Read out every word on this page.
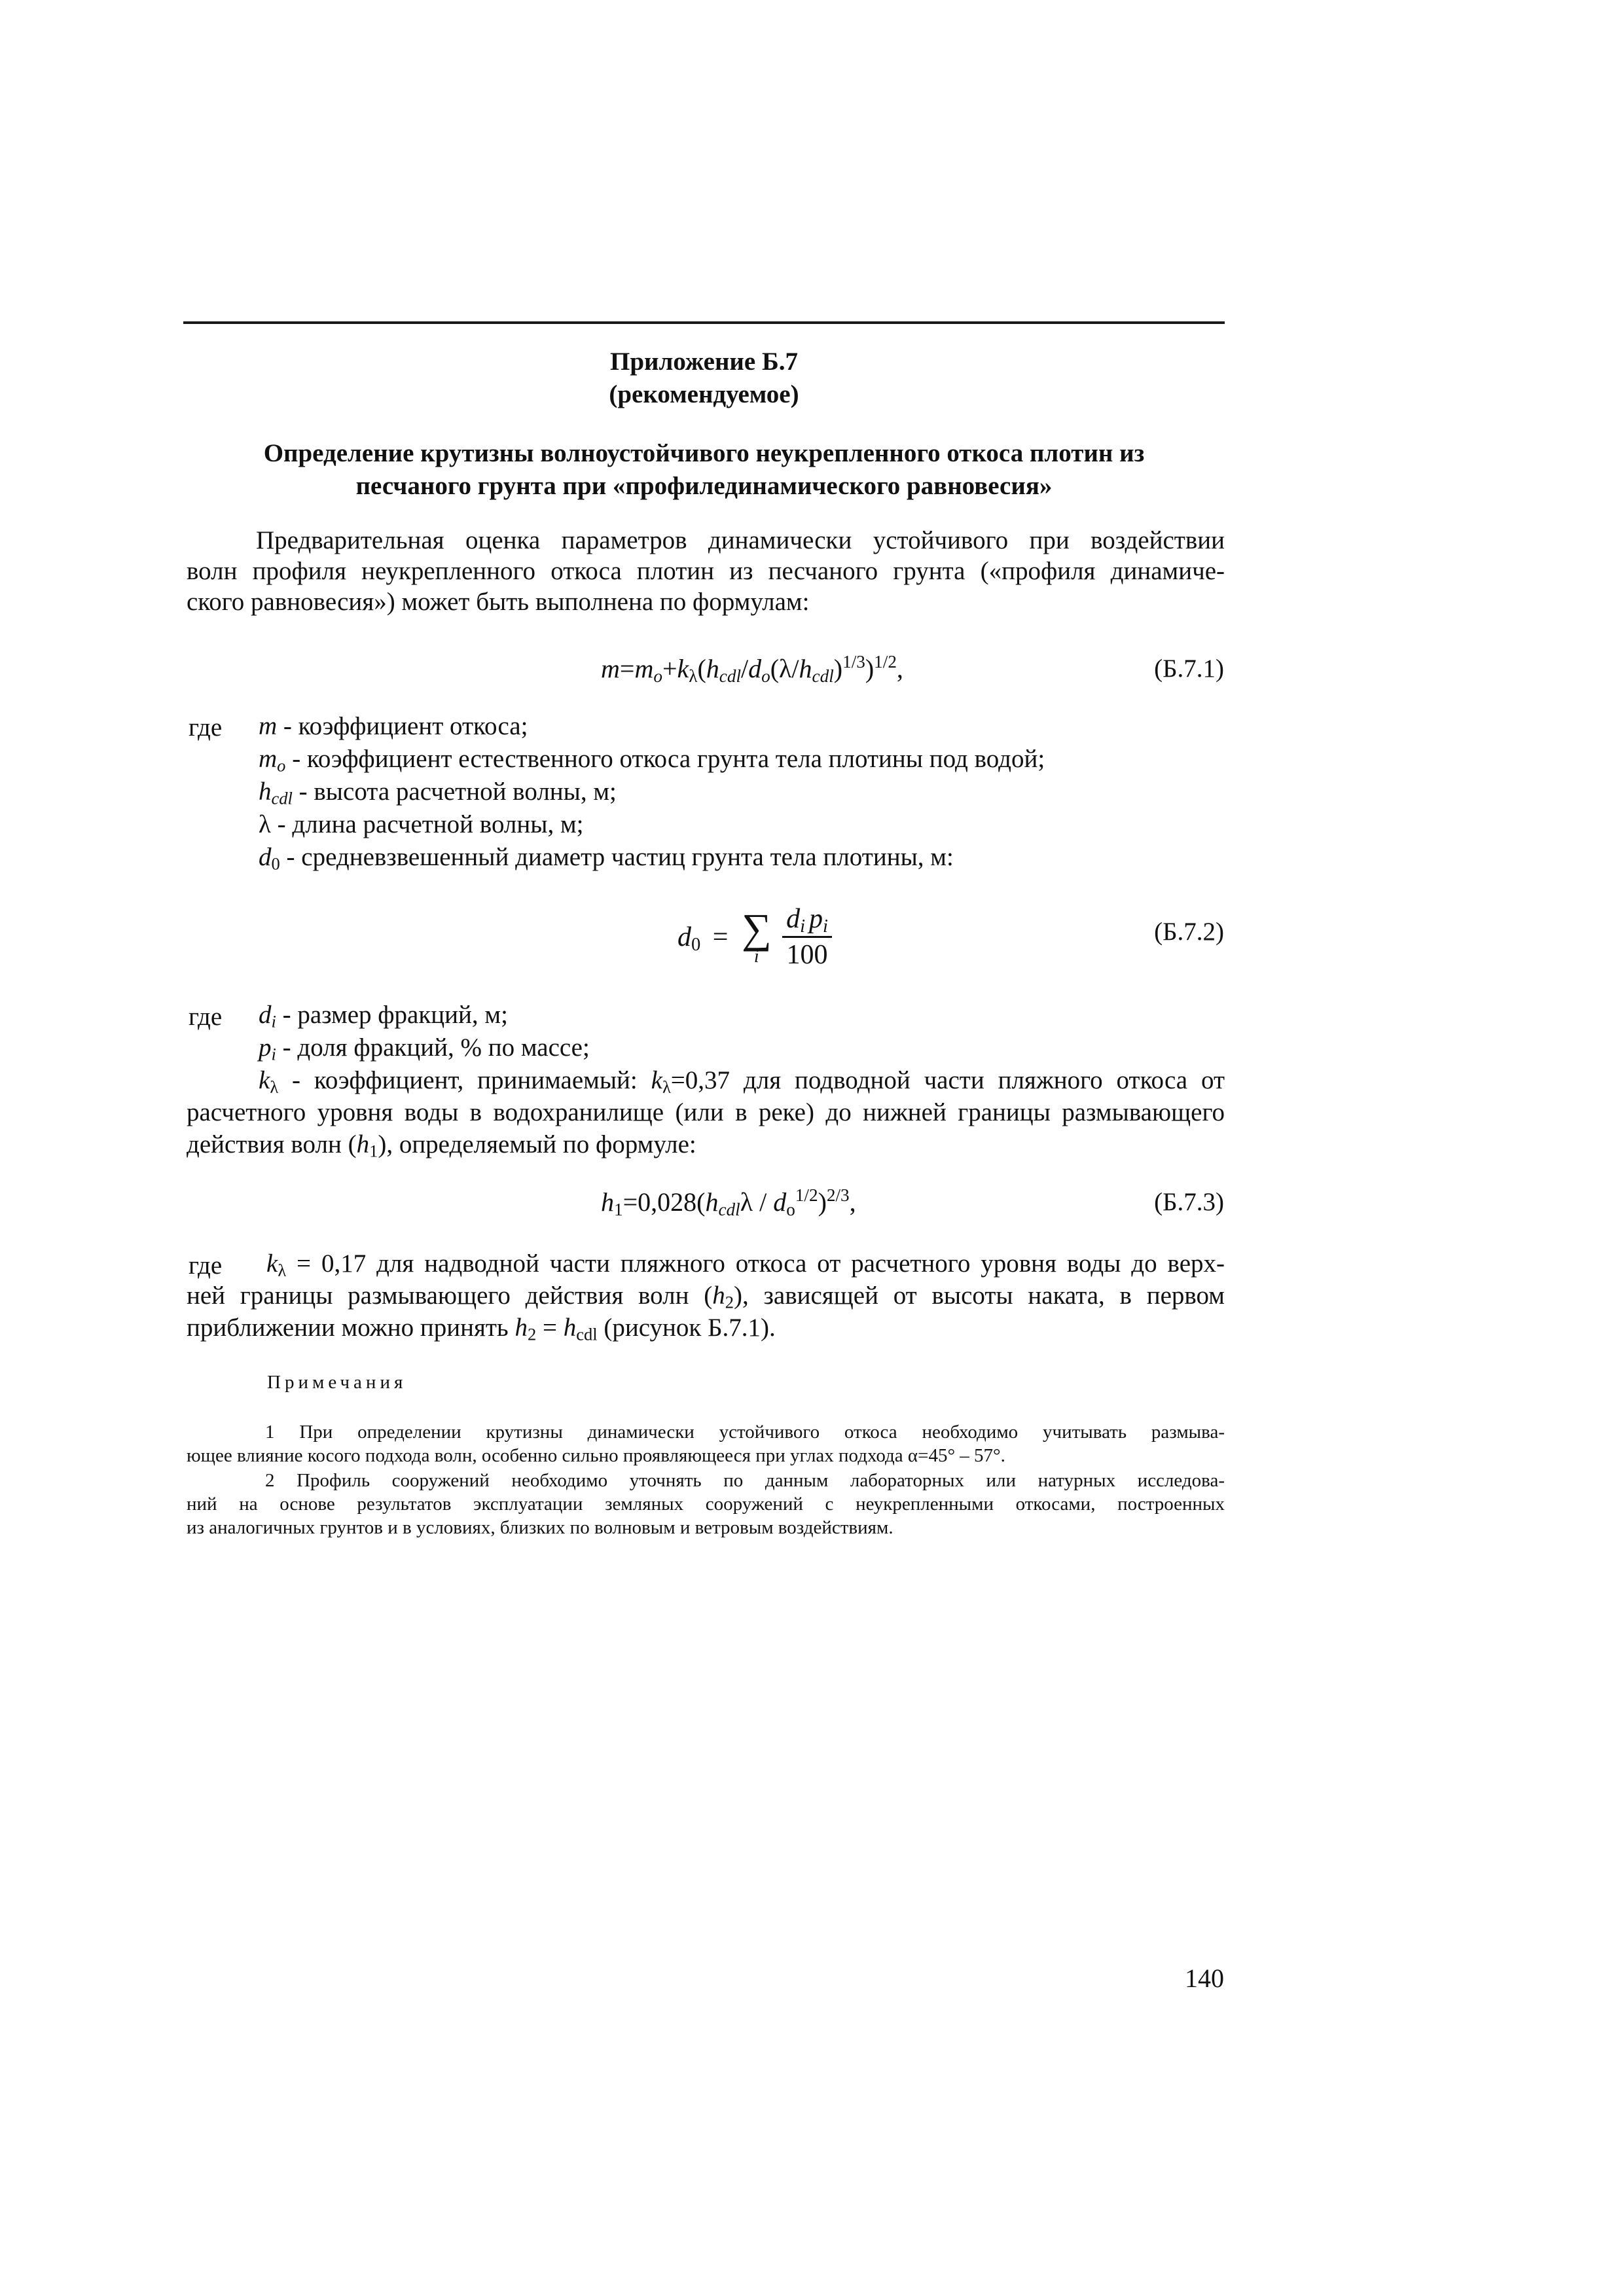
Приложение Б.7
(рекомендуемое)
Определение крутизны волноустойчивого неукрепленного откоса плотин из
песчаного грунта при «профилединамического равновесия»

Предварительная оценка параметров динамически устойчивого при воздействии

волн профиля неукрепленного откоса плотин из песчаного грунта («профиля динамиче-

ского равновесия») может быть выполнена по формулам:

$m=m_o+k_\lambda(h_{cdl}/d_o(\lambda/h_{cdl})^{1/3})^{1/2}$,	(Б.7.1)
где m - коэффициент откоса;
$m_o$ - коэффициент естественного откоса грунта тела плотины под водой;
$h_{cdl}$ - высота расчетной волны, м;
λ - длина расчетной волны, м;
$d_0$ - средневзвешенный диаметр частиц грунта тела плотины, м:
$d_0$ = ∑
i
$\frac{d_i p_i}{100}$	(Б.7.2)
где $d_i$ - размер фракций, м;
$p_i$ - доля фракций, % по массе;

$k_\lambda$ - коэффициент, принимаемый: $k_\lambda=0,37$ для подводной части пляжного откоса от

расчетного уровня воды в водохранилище (или в реке) до нижней границы размывающего

действия волн $(h_1)$, определяемый по формуле:

$h_1=0,028(h_{cdl}\lambda / d_o^{1/2})^{2/3}$,	(Б.7.3)
где	$k_\lambda = 0,17$ для надводной части пляжного откоса от расчетного уровня воды до верх-

ней границы размывающего действия волн $(h_2)$, зависящей от высоты наката, в первом

приближении можно принять $h_2 = h_{cdl}$ (рисунок Б.7.1).

Примечания
1 При определении крутизны динамически устойчивого откоса необходимо учитывать размыва-
ющее влияние косого подхода волн, особенно сильно проявляющееся при углах подхода α=45° – 57°.
2 Профиль сооружений необходимо уточнять по данным лабораторных или натурных исследова-
ний на основе результатов эксплуатации земляных сооружений с неукрепленными откосами, построенных
из аналогичных грунтов и в условиях, близких по волновым и ветровым воздействиям.
140
